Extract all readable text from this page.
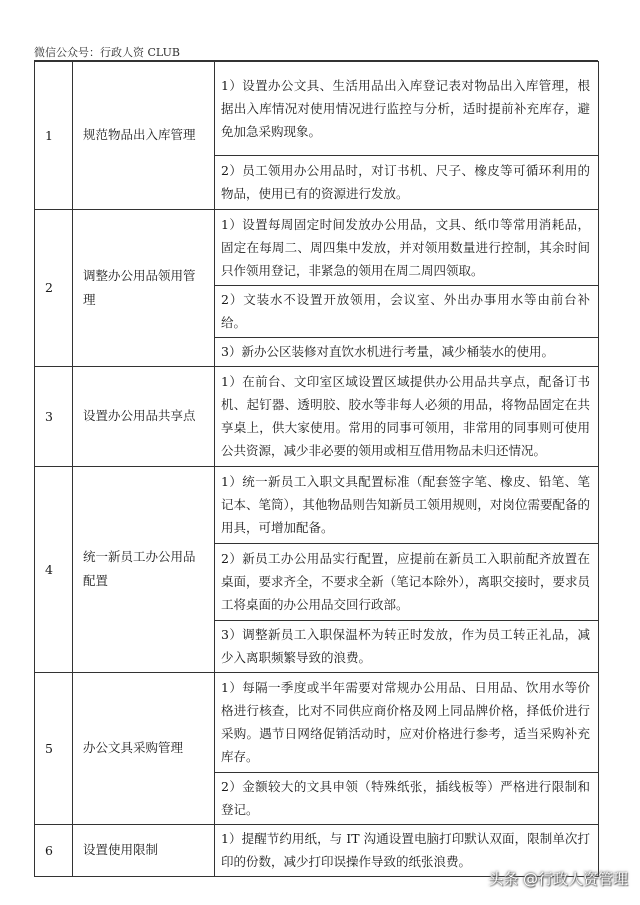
微信公众号：行政人资 CLUB
1	规范物品出入库管理	1）设置办公文具、生活用品出入库登记表对物品出入库管理，根据出入库情况对使用情况进行监控与分析，适时提前补充库存，避免加急采购现象。
		2）员工领用办公用品时，对订书机、尺子、橡皮等可循环利用的物品，使用已有的资源进行发放。
2	调整办公用品领用管理	1）设置每周固定时间发放办公用品，文具、纸巾等常用消耗品，固定在每周二、周四集中发放，并对领用数量进行控制，其余时间只作领用登记，非紧急的领用在周二周四领取。
		2）文装水不设置开放领用，会议室、外出办事用水等由前台补给。
		3）新办公区装修对直饮水机进行考量，减少桶装水的使用。
3	设置办公用品共享点	1）在前台、文印室区域设置区域提供办公用品共享点，配备订书机、起钉器、透明胶、胶水等非每人必须的用品，将物品固定在共享桌上，供大家使用。常用的同事可领用，非常用的同事则可使用公共资源，减少非必要的领用或相互借用物品未归还情况。
4	统一新员工办公用品配置	1）统一新员工入职文具配置标准（配套签字笔、橡皮、铅笔、笔记本、笔筒），其他物品则告知新员工领用规则，对岗位需要配备的用具，可增加配备。
		2）新员工办公用品实行配置，应提前在新员工入职前配齐放置在桌面，要求齐全，不要求全新（笔记本除外），离职交接时，要求员工将桌面的办公用品交回行政部。
		3）调整新员工入职保温杯为转正时发放，作为员工转正礼品，减少入离职频繁导致的浪费。
5	办公文具采购管理	1）每隔一季度或半年需要对常规办公用品、日用品、饮用水等价格进行核查，比对不同供应商价格及网上同品牌价格，择低价进行采购。遇节日网络促销活动时，应对价格进行参考，适当采购补充库存。
		2）金额较大的文具申领（特殊纸张，插线板等）严格进行限制和登记。
6	设置使用限制	1）提醒节约用纸，与 IT 沟通设置电脑打印默认双面，限制单次打印的份数，减少打印误操作导致的纸张浪费。
头条 @行政人资管理
